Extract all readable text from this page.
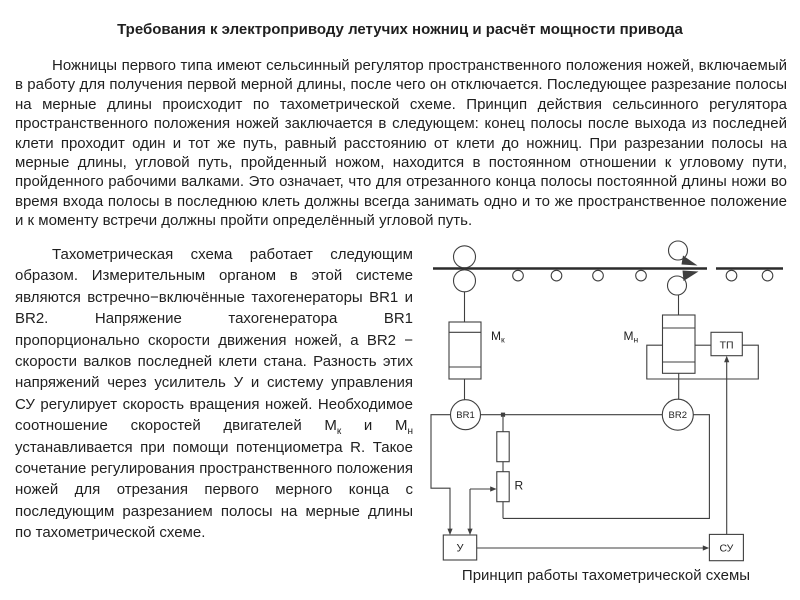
Требования к электроприводу летучих ножниц и расчёт мощности привода
Ножницы первого типа имеют сельсинный регулятор пространственного положения ножей, включаемый в работу для получения первой мерной длины, после чего он отключается. Последующее разрезание полосы на мерные длины происходит по тахометрической схеме. Принцип действия сельсинного регулятора пространственного положения ножей заключается в следующем: конец полосы после выхода из последней клети проходит один и тот же путь, равный расстоянию от клети до ножниц. При разрезании полосы на мерные длины, угловой путь, пройденный ножом, находится в постоянном отношении к угловому пути, пройденного рабочими валками. Это означает, что для отрезанного конца полосы постоянной длины ножи во время входа полосы в последнюю клеть должны всегда занимать одно и то же пространственное положение и к моменту встречи должны пройти определённый угловой путь.
Тахометрическая схема работает следующим образом. Измерительным органом в этой системе являются встречно−включённые тахогенераторы BR1 и BR2. Напряжение тахогенератора BR1 пропорционально скорости движения ножей, а BR2 − скорости валков последней клети стана. Разность этих напряжений через усилитель У и систему управления СУ регулирует скорость вращения ножей. Необходимое соотношение скоростей двигателей $М_к$ и $М_н$ устанавливается при помощи потенциометра R. Такое сочетание регулирования пространственного положения ножей для отрезания первого мерного конца с последующим разрезанием полосы на мерные длины по тахометрической схеме.
$М_к$	$М_н$	ТП
BR1	BR2
R
У	СУ
Принцип работы тахометрической схемы
